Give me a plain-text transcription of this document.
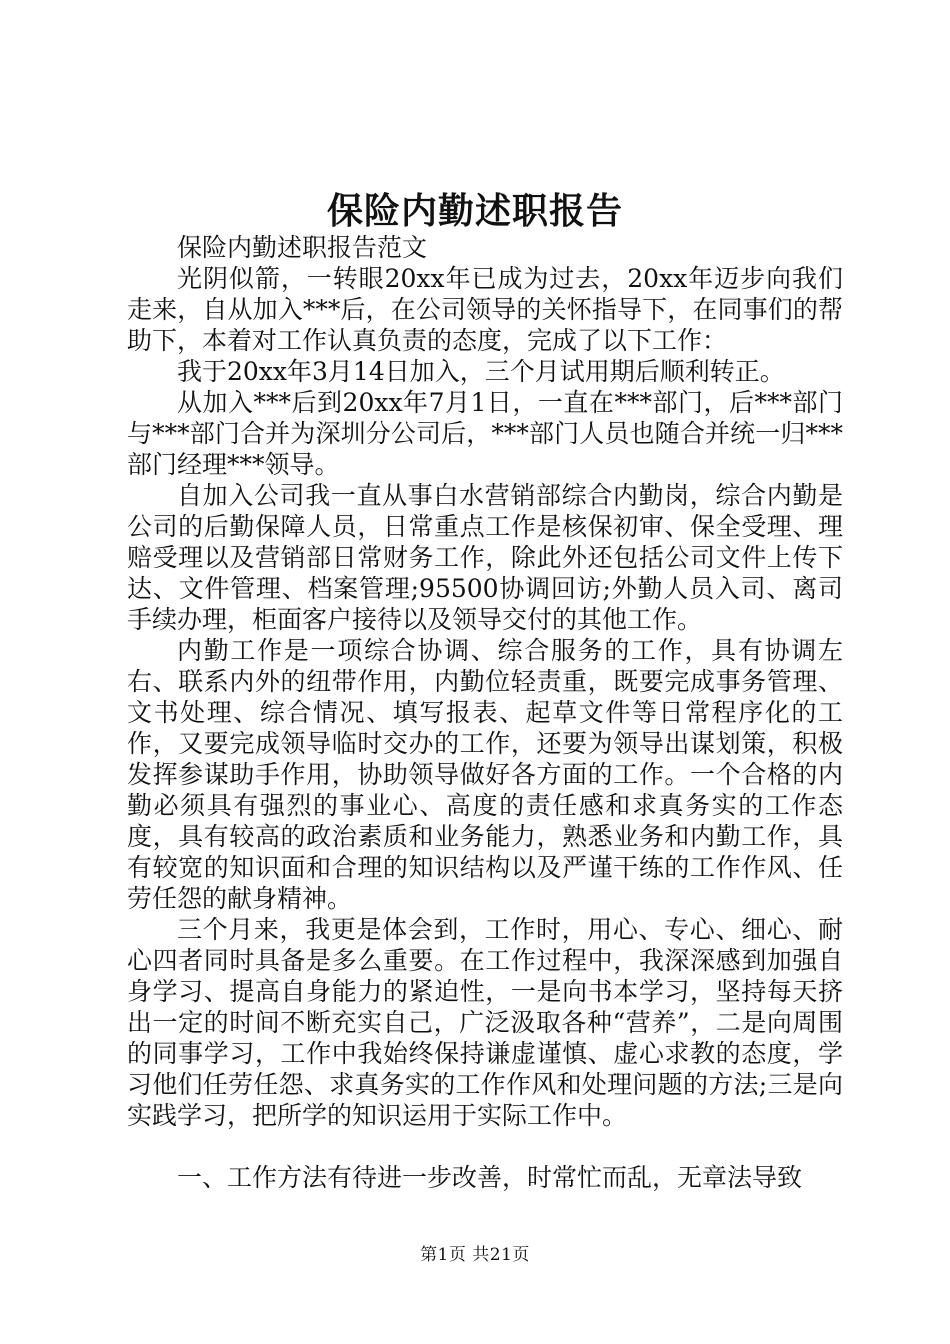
保险内勤述职报告

保险内勤述职报告范文

光阴似箭，一转眼20xx年已成为过去，20xx年迈步向我们走来，自从加入***后，在公司领导的关怀指导下，在同事们的帮助下，本着对工作认真负责的态度，完成了以下工作：

我于20xx年3月14日加入，三个月试用期后顺利转正。

从加入***后到20xx年7月1日，一直在***部门，后***部门与***部门合并为深圳分公司后，***部门人员也随合并统一归***部门经理***领导。

自加入公司我一直从事白水营销部综合内勤岗，综合内勤是公司的后勤保障人员，日常重点工作是核保初审、保全受理、理赔受理以及营销部日常财务工作，除此外还包括公司文件上传下达、文件管理、档案管理;95500协调回访;外勤人员入司、离司手续办理，柜面客户接待以及领导交付的其他工作。

内勤工作是一项综合协调、综合服务的工作，具有协调左右、联系内外的纽带作用，内勤位轻责重，既要完成事务管理、文书处理、综合情况、填写报表、起草文件等日常程序化的工作，又要完成领导临时交办的工作，还要为领导出谋划策，积极发挥参谋助手作用，协助领导做好各方面的工作。一个合格的内勤必须具有强烈的事业心、高度的责任感和求真务实的工作态度，具有较高的政治素质和业务能力，熟悉业务和内勤工作，具有较宽的知识面和合理的知识结构以及严谨干练的工作作风、任劳任怨的献身精神。

三个月来，我更是体会到，工作时，用心、专心、细心、耐心四者同时具备是多么重要。在工作过程中，我深深感到加强自身学习、提高自身能力的紧迫性，一是向书本学习，坚持每天挤出一定的时间不断充实自己，广泛汲取各种“营养”，二是向周围的同事学习，工作中我始终保持谦虚谨慎、虚心求教的态度，学习他们任劳任怨、求真务实的工作作风和处理问题的方法;三是向实践学习，把所学的知识运用于实际工作中。

一、工作方法有待进一步改善，时常忙而乱，无章法导致

第1页 共21页
